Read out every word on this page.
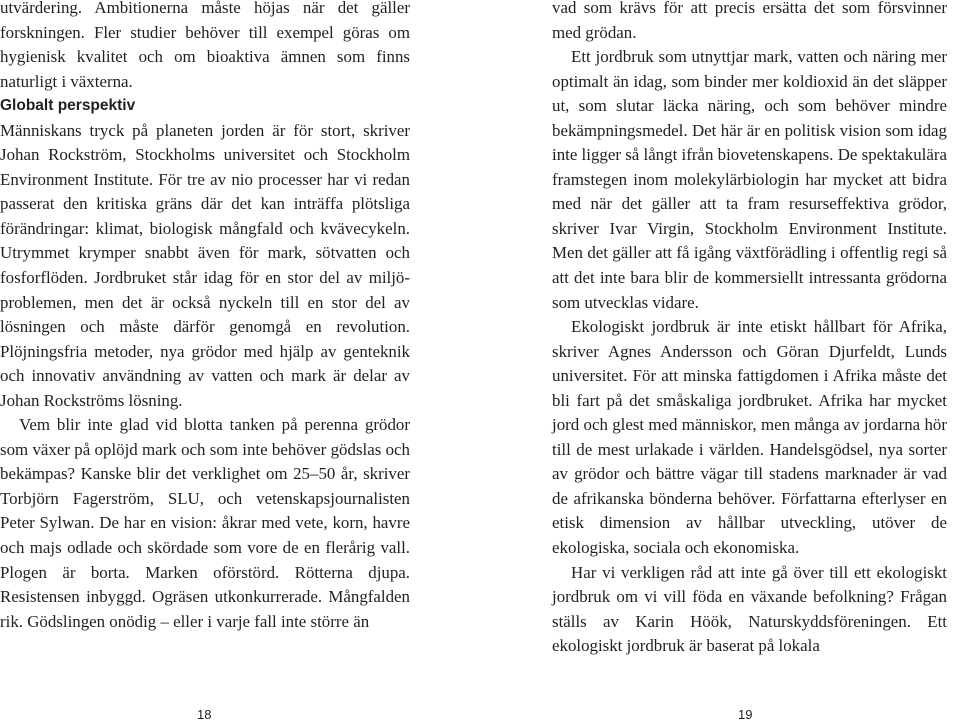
utvärdering. Ambitionerna måste höjas när det gäller forskningen. Fler studier behöver till exempel göras om hygienisk kvalitet och om bioaktiva ämnen som finns naturligt i växterna.

Globalt perspektiv

Människans tryck på planeten jorden är för stort, skriver Johan Rockström, Stockholms universitet och Stockholm Environment Institute. För tre av nio processer har vi redan passerat den kritiska gräns där det kan inträffa plötsliga förändringar: klimat, biologisk mångfald och kvävecykeln. Utrymmet krymper snabbt även för mark, sötvatten och fosforflöden. Jordbruket står idag för en stor del av miljöproblemen, men det är också nyckeln till en stor del av lösningen och måste därför genomgå en revolution. Plöjningsfria metoder, nya grödor med hjälp av genteknik och innovativ användning av vatten och mark är delar av Johan Rockströms lösning.

Vem blir inte glad vid blotta tanken på perenna grödor som växer på oplöjd mark och som inte behöver gödslas och bekämpas? Kanske blir det verklighet om 25–50 år, skriver Torbjörn Fagerström, SLU, och vetenskapsjournalisten Peter Sylwan. De har en vision: åkrar med vete, korn, havre och majs odlade och skördade som vore de en flerårig vall. Plogen är borta. Marken oförstörd. Rötterna djupa. Resistensen inbyggd. Ogräsen utkonkurrerade. Mångfalden rik. Gödslingen onödig – eller i varje fall inte större än

18

vad som krävs för att precis ersätta det som försvinner med grödan.

Ett jordbruk som utnyttjar mark, vatten och näring mer optimalt än idag, som binder mer koldioxid än det släpper ut, som slutar läcka näring, och som behöver mindre bekämpningsmedel. Det här är en politisk vision som idag inte ligger så långt ifrån biovetenskapens. De spektakulära framstegen inom molekylärbiologin har mycket att bidra med när det gäller att ta fram resurseffektiva grödor, skriver Ivar Virgin, Stockholm Environment Institute. Men det gäller att få igång växtförädling i offentlig regi så att det inte bara blir de kommersiellt intressanta grödorna som utvecklas vidare.

Ekologiskt jordbruk är inte etiskt hållbart för Afrika, skriver Agnes Andersson och Göran Djurfeldt, Lunds universitet. För att minska fattigdomen i Afrika måste det bli fart på det småskaliga jordbruket. Afrika har mycket jord och glest med människor, men många av jordarna hör till de mest urlakade i världen. Handelsgödsel, nya sorter av grödor och bättre vägar till stadens marknader är vad de afrikanska bönderna behöver. Författarna efterlyser en etisk dimension av hållbar utveckling, utöver de ekologiska, sociala och ekonomiska.

Har vi verkligen råd att inte gå över till ett ekologiskt jordbruk om vi vill föda en växande befolkning? Frågan ställs av Karin Höök, Naturskyddsföreningen. Ett ekologiskt jordbruk är baserat på lokala

19
